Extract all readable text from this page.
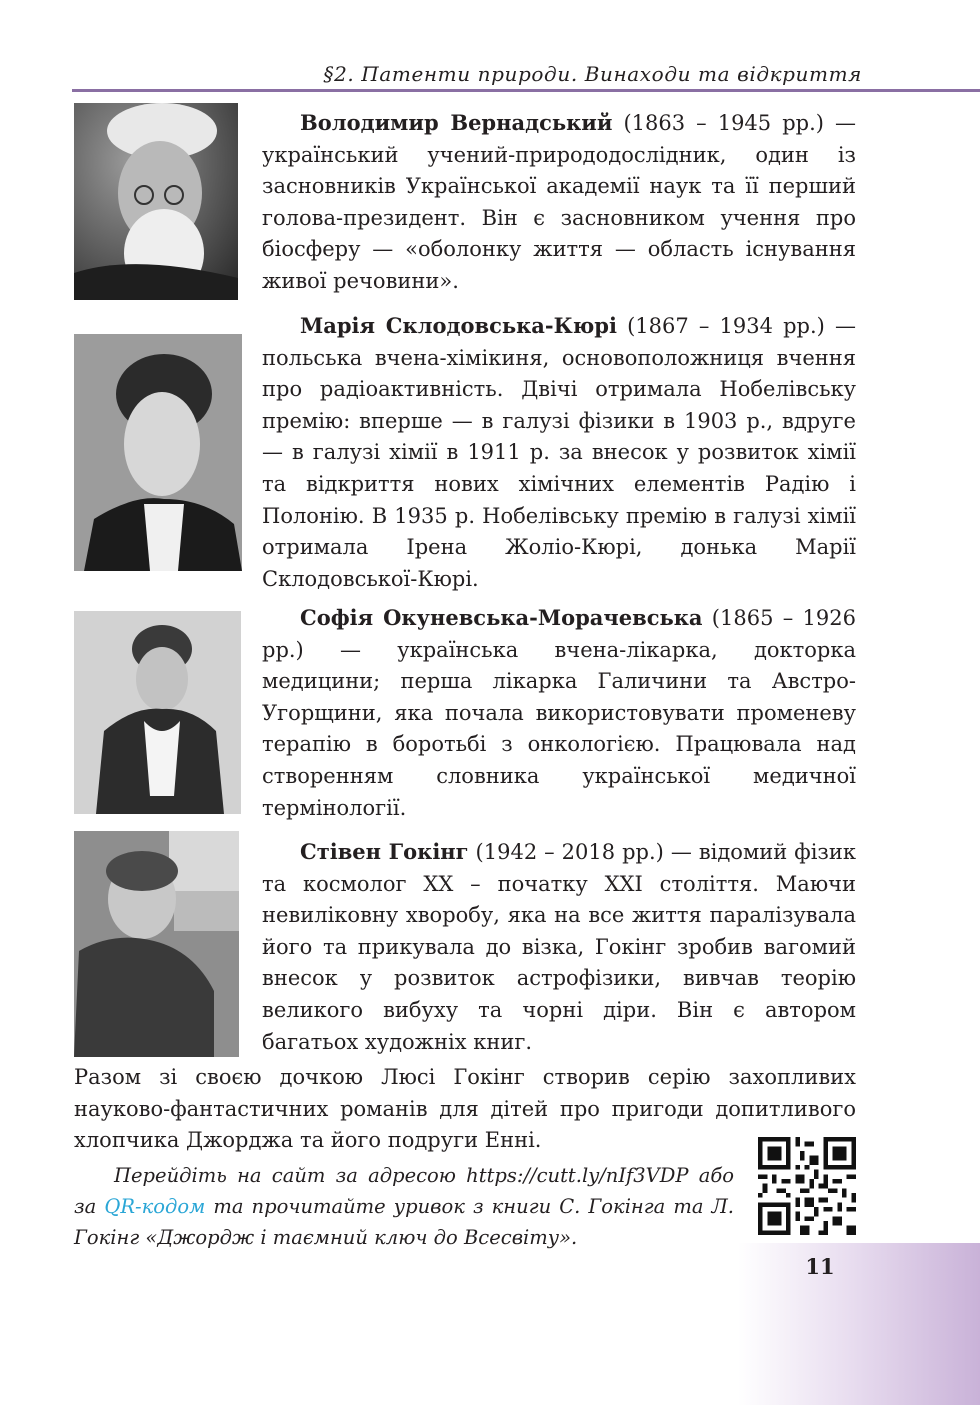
§2. Патенти природи. Винаходи та відкриття

Володимир Вернадський (1863 – 1945 рр.) — український учений-природодослідник, один із засновників Української академії наук та її перший голова-президент. Він є засновником учення про біосферу — «оболонку життя — область існування живої речовини».

Марія Склодовська-Кюрі (1867 – 1934 рр.) — польська вчена-хімікиня, основоположниця вчення про радіоактивність. Двічі отримала Нобелівську премію: вперше — в галузі фізики в 1903 р., вдруге — в галузі хімії в 1911 р. за внесок у розвиток хімії та відкриття нових хімічних елементів Радію і Полонію. В 1935 р. Нобелівську премію в галузі хімії отримала Ірена Жоліо-Кюрі, донька Марії Склодовської-Кюрі.

Софія Окуневська-Морачевська (1865 – 1926 рр.) — українська вчена-лікарка, докторка медицини; перша лікарка Галичини та Австро-Угорщини, яка почала використовувати променеву терапію в боротьбі з онкологією. Працювала над створенням словника української медичної термінології.

Стівен Гокінг (1942 – 2018 рр.) — відомий фізик та космолог XX – початку XXI століття. Маючи невиліковну хворобу, яка на все життя паралізувала його та прикувала до візка, Гокінг зробив вагомий внесок у розвиток астрофізики, вивчав теорію великого вибуху та чорні діри. Він є автором багатьох художніх книг.

Разом зі своєю дочкою Люсі Гокінг створив серію захопливих науково-фантастичних романів для дітей про пригоди допитливого хлопчика Джорджа та його подруги Енні.

Перейдіть на сайт за адресою https://cutt.ly/nIf3VDP або за QR-кодом та прочитайте уривок з книги С. Гокінга та Л. Гокінг «Джордж і таємний ключ до Всесвіту».

11
